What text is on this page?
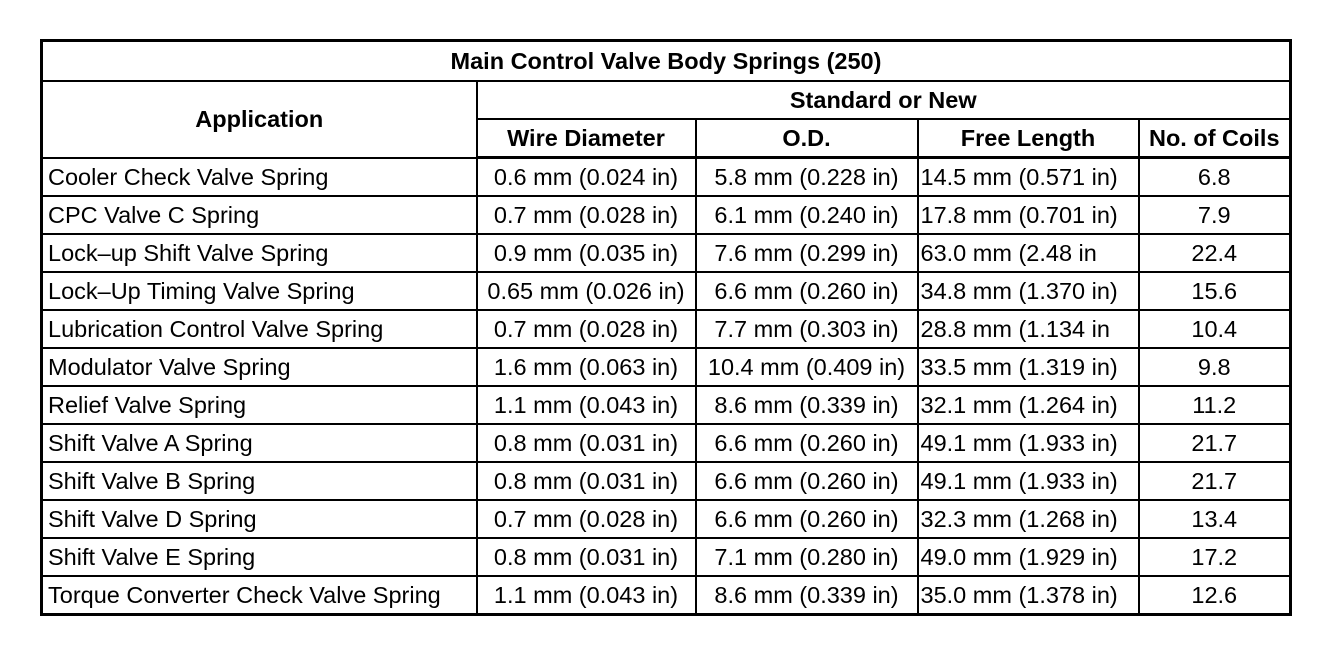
Main Control Valve Body Springs (250)				
Application	Standard or New			
	Wire Diameter	O.D.	Free Length	No. of Coils
Cooler Check Valve Spring	0.6 mm (0.024 in)	5.8 mm (0.228 in)	14.5 mm (0.571 in)	6.8
CPC Valve C Spring	0.7 mm (0.028 in)	6.1 mm (0.240 in)	17.8 mm (0.701 in)	7.9
Lock–up Shift Valve Spring	0.9 mm (0.035 in)	7.6 mm (0.299 in)	63.0 mm (2.48 in	22.4
Lock–Up Timing Valve Spring	0.65 mm (0.026 in)	6.6 mm (0.260 in)	34.8 mm (1.370 in)	15.6
Lubrication Control Valve Spring	0.7 mm (0.028 in)	7.7 mm (0.303 in)	28.8 mm (1.134 in	10.4
Modulator Valve Spring	1.6 mm (0.063 in)	10.4 mm (0.409 in)	33.5 mm (1.319 in)	9.8
Relief Valve Spring	1.1 mm (0.043 in)	8.6 mm (0.339 in)	32.1 mm (1.264 in)	11.2
Shift Valve A Spring	0.8 mm (0.031 in)	6.6 mm (0.260 in)	49.1 mm (1.933 in)	21.7
Shift Valve B Spring	0.8 mm (0.031 in)	6.6 mm (0.260 in)	49.1 mm (1.933 in)	21.7
Shift Valve D Spring	0.7 mm (0.028 in)	6.6 mm (0.260 in)	32.3 mm (1.268 in)	13.4
Shift Valve E Spring	0.8 mm (0.031 in)	7.1 mm (0.280 in)	49.0 mm (1.929 in)	17.2
Torque Converter Check Valve Spring	1.1 mm (0.043 in)	8.6 mm (0.339 in)	35.0 mm (1.378 in)	12.6
